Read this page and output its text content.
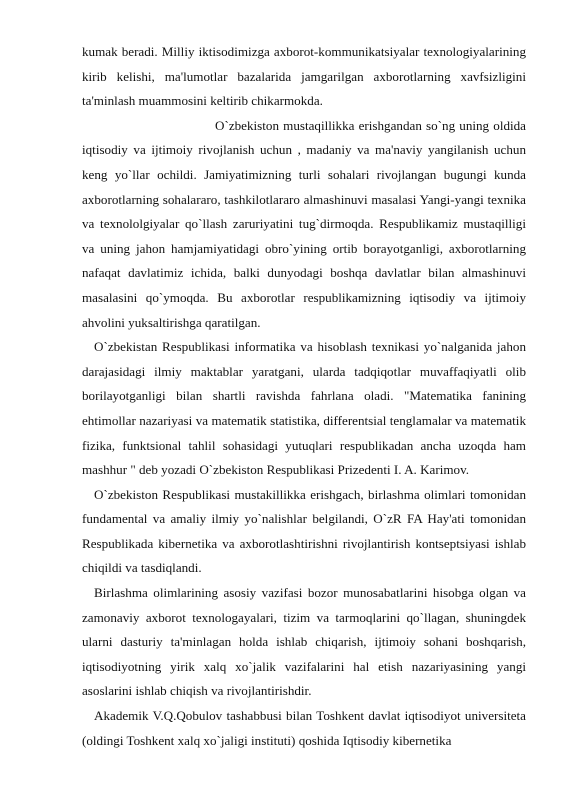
kumak beradi. Milliy iktisodimizga axborot-kommunikatsiyalar texnologiyalarining kirib kelishi, ma'lumotlar bazalarida jamgarilgan axborotlarning xavfsizligini ta'minlash muammosini keltirib chikarmokda.

O`zbekiston mustaqillikka erishgandan so`ng uning oldida iqtisodiy va ijtimoiy rivojlanish uchun , madaniy va ma'naviy yangilanish uchun keng yo`llar ochildi. Jamiyatimizning turli sohalari rivojlangan bugungi kunda axborotlarning sohalararo, tashkilotlararo almashinuvi masalasi Yangi-yangi texnika va texnololgiyalar qo`llash zaruriyatini tug`dirmoqda. Respublikamiz mustaqilligi va uning jahon hamjamiyatidagi obro`yining ortib borayotganligi, axborotlarning nafaqat davlatimiz ichida, balki dunyodagi boshqa davlatlar bilan almashinuvi masalasini qo`ymoqda. Bu axborotlar respublikamizning iqtisodiy va ijtimoiy ahvolini yuksaltirishga qaratilgan.

O`zbekistan Respublikasi informatika va hisoblash texnikasi yo`nalganida jahon darajasidagi ilmiy maktablar yaratgani, ularda tadqiqotlar muvaffaqiyatli olib borilayotganligi bilan shartli ravishda fahrlana oladi. "Matematika fanining ehtimollar nazariyasi va matematik statistika, differentsial tenglamalar va matematik fizika, funktsional tahlil sohasidagi yutuqlari respublikadan ancha uzoqda ham mashhur " deb yozadi O`zbekiston Respublikasi Prizedenti I. A. Karimov.

O`zbekiston Respublikasi mustakillikka erishgach, birlashma olimlari tomonidan fundamental va amaliy ilmiy yo`nalishlar belgilandi, O`zR FA Hay'ati tomonidan Respublikada kibernetika va axborotlashtirishni rivojlantirish kontseptsiyasi ishlab chiqildi va tasdiqlandi.

Birlashma olimlarining asosiy vazifasi bozor munosabatlarini hisobga olgan va zamonaviy axborot texnologayalari, tizim va tarmoqlarini qo`llagan, shuningdek ularni dasturiy ta'minlagan holda ishlab chiqarish, ijtimoiy sohani boshqarish, iqtisodiyotning yirik xalq xo`jalik vazifalarini hal etish nazariyasining yangi asoslarini ishlab chiqish va rivojlantirishdir.

Akademik V.Q.Qobulov tashabbusi bilan Toshkent davlat iqtisodiyot universiteta (oldingi Toshkent xalq xo`jaligi instituti) qoshida Iqtisodiy kibernetika
